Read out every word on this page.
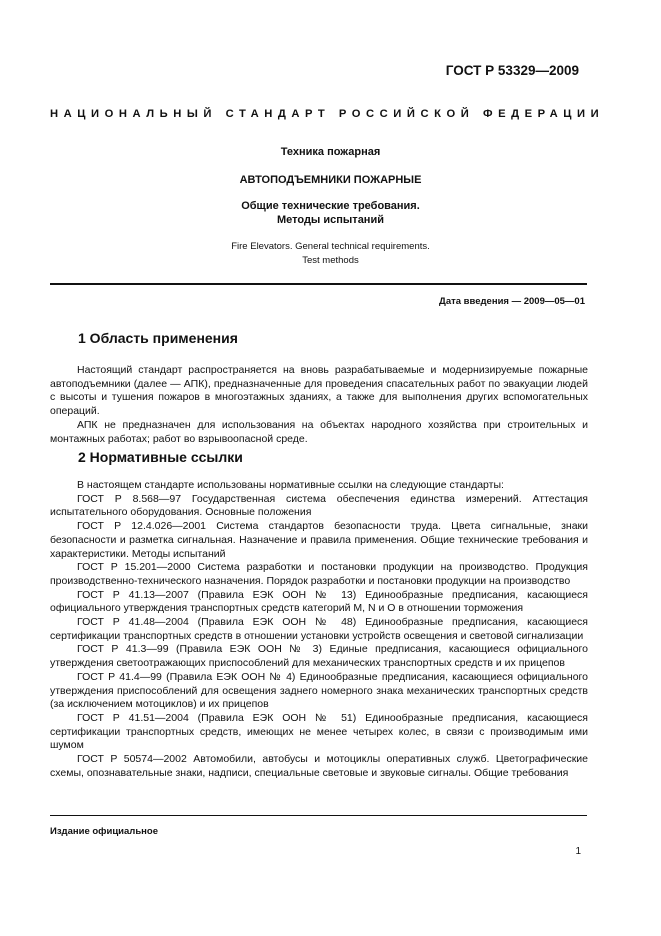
ГОСТ Р 53329—2009
НАЦИОНАЛЬНЫЙ СТАНДАРТ РОССИЙСКОЙ ФЕДЕРАЦИИ
Техника пожарная
АВТОПОДЪЕМНИКИ ПОЖАРНЫЕ
Общие технические требования.
Методы испытаний
Fire Elevators. General technical requirements.
Test methods
Дата введения — 2009—05—01
1 Область применения

Настоящий стандарт распространяется на вновь разрабатываемые и модернизируемые пожарные автоподъемники (далее — АПК), предназначенные для проведения спасательных работ по эвакуации людей с высоты и тушения пожаров в многоэтажных зданиях, а также для выполнения других вспомогательных операций.

АПК не предназначен для использования на объектах народного хозяйства при строительных и монтажных работах; работ во взрывоопасной среде.

2 Нормативные ссылки

В настоящем стандарте использованы нормативные ссылки на следующие стандарты:

ГОСТ Р 8.568—97 Государственная система обеспечения единства измерений. Аттестация испытательного оборудования. Основные положения

ГОСТ Р 12.4.026—2001 Система стандартов безопасности труда. Цвета сигнальные, знаки безопасности и разметка сигнальная. Назначение и правила применения. Общие технические требования и характеристики. Методы испытаний

ГОСТ Р 15.201—2000 Система разработки и постановки продукции на производство. Продукция производственно-технического назначения. Порядок разработки и постановки продукции на производство

ГОСТ Р 41.13—2007 (Правила ЕЭК ООН № 13) Единообразные предписания, касающиеся официального утверждения транспортных средств категорий M, N и O в отношении торможения

ГОСТ Р 41.48—2004 (Правила ЕЭК ООН № 48) Единообразные предписания, касающиеся сертификации транспортных средств в отношении установки устройств освещения и световой сигнализации

ГОСТ Р 41.3—99 (Правила ЕЭК ООН № 3) Единые предписания, касающиеся официального утверждения светоотражающих приспособлений для механических транспортных средств и их прицепов

ГОСТ Р 41.4—99 (Правила ЕЭК ООН № 4) Единообразные предписания, касающиеся официального утверждения приспособлений для освещения заднего номерного знака механических транспортных средств (за исключением мотоциклов) и их прицепов

ГОСТ Р 41.51—2004 (Правила ЕЭК ООН № 51) Единообразные предписания, касающиеся сертификации транспортных средств, имеющих не менее четырех колес, в связи с производимым ими шумом

ГОСТ Р 50574—2002 Автомобили, автобусы и мотоциклы оперативных служб. Цветографические схемы, опознавательные знаки, надписи, специальные световые и звуковые сигналы. Общие требования

Издание официальное
1
